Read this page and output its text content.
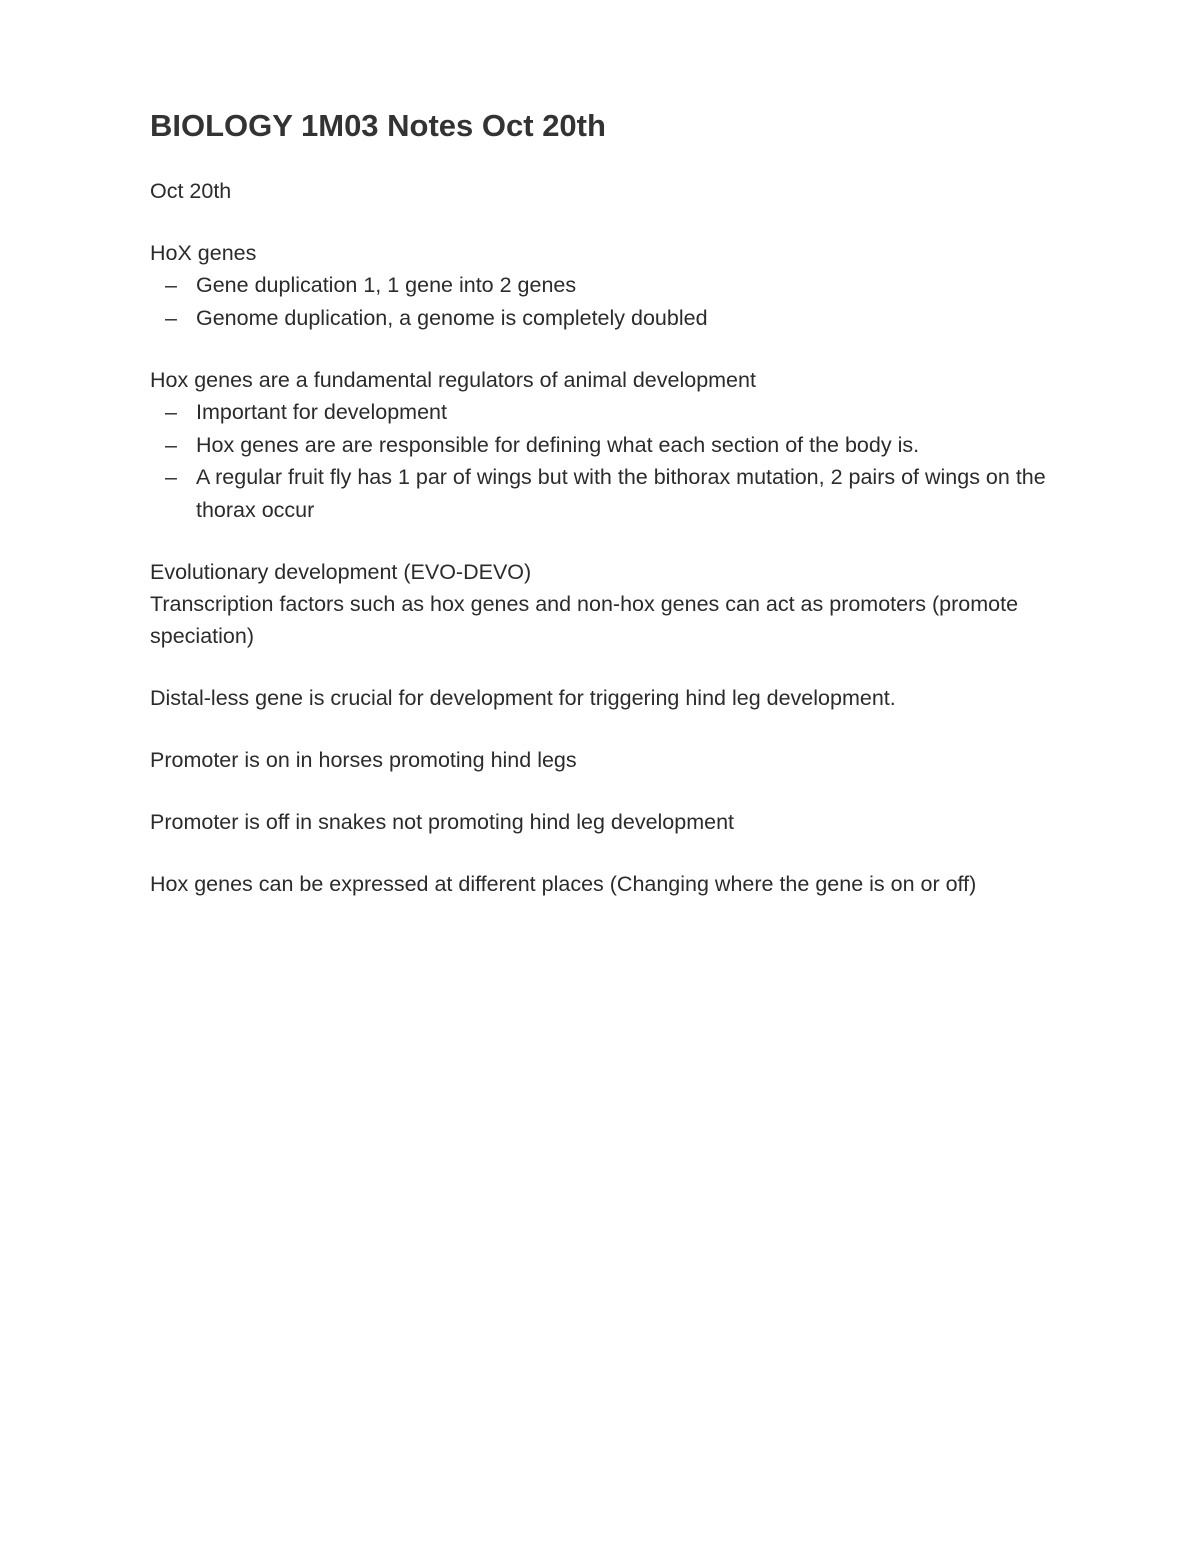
BIOLOGY 1M03 Notes Oct 20th

Oct 20th

HoX genes

– Gene duplication 1, 1 gene into 2 genes
– Genome duplication, a genome is completely doubled

Hox genes are a fundamental regulators of animal development

– Important for development
– Hox genes are are responsible for defining what each section of the body is.
– A regular fruit fly has 1 par of wings but with the bithorax mutation, 2 pairs of wings on the thorax occur

Evolutionary development (EVO-DEVO)

Transcription factors such as hox genes and non-hox genes can act as promoters (promote speciation)

Distal-less gene is crucial for development for triggering hind leg development.

Promoter is on in horses promoting hind legs

Promoter is off in snakes not promoting hind leg development

Hox genes can be expressed at different places (Changing where the gene is on or off)
